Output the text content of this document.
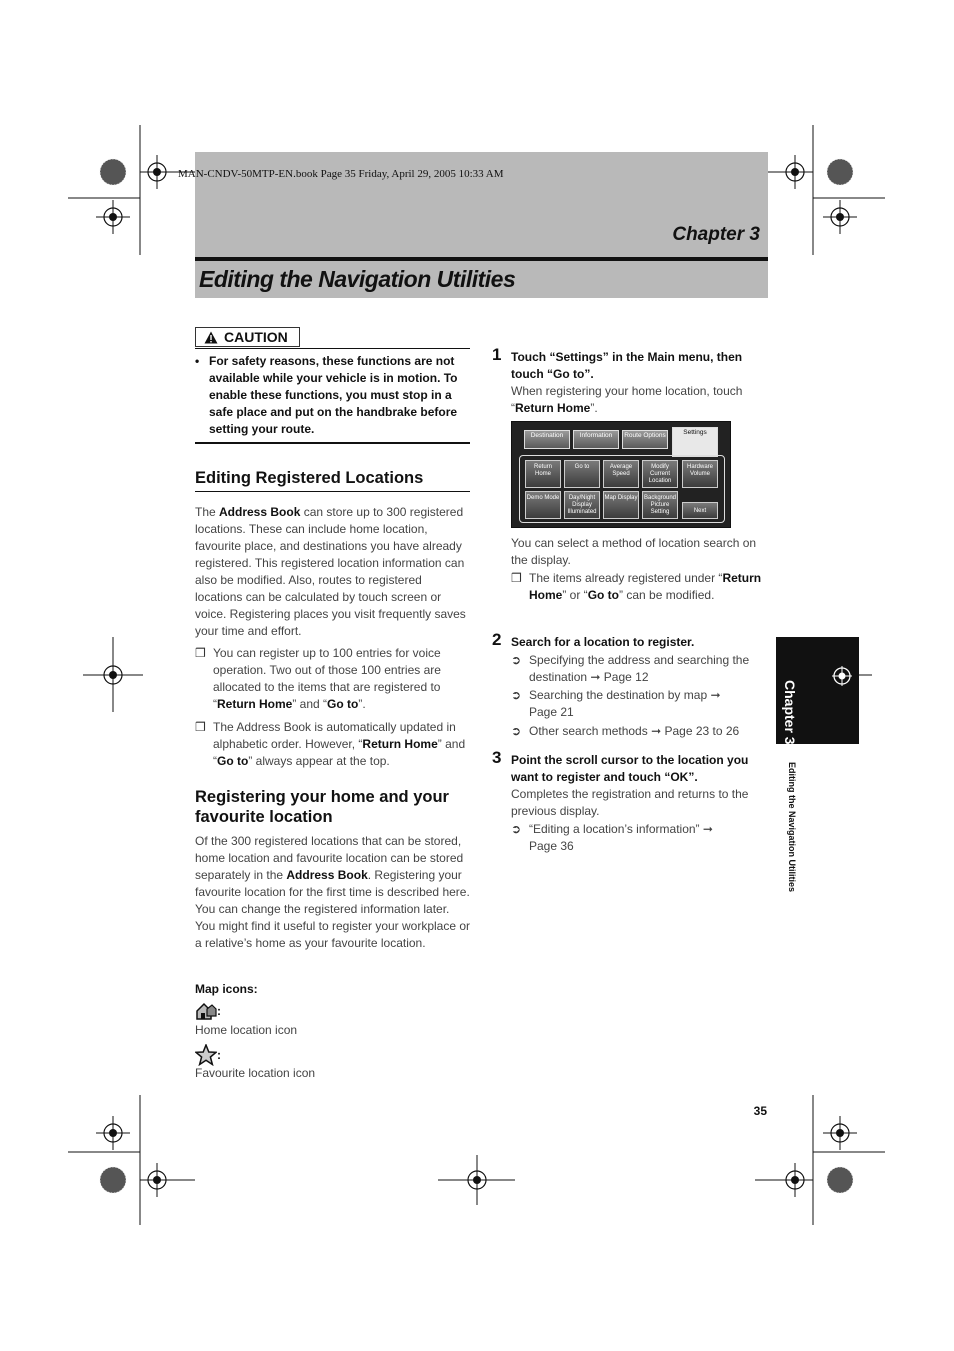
MAN-CNDV-50MTP-EN.book Page 35 Friday, April 29, 2005 10:33 AM
Chapter 3
Editing the Navigation Utilities
CAUTION
• For safety reasons, these functions are not available while your vehicle is in motion. To enable these functions, you must stop in a safe place and put on the handbrake before setting your route.
Editing Registered Locations
The Address Book can store up to 300 registered locations. These can include home location, favourite place, and destinations you have already registered. This registered location information can also be modified. Also, routes to registered locations can be calculated by touch screen or voice. Registering places you visit frequently saves your time and effort.
❒ You can register up to 100 entries for voice operation. Two out of those 100 entries are allocated to the items that are registered to “Return Home” and “Go to”.
❒ The Address Book is automatically updated in alphabetic order. However, “Return Home” and “Go to” always appear at the top.
Registering your home and your favourite location
Of the 300 registered locations that can be stored, home location and favourite location can be stored separately in the Address Book. Registering your favourite location for the first time is described here. You can change the registered information later. You might find it useful to register your workplace or a relative’s home as your favourite location.
Map icons:
:
Home location icon
:
Favourite location icon
1 Touch “Settings” in the Main menu, then touch “Go to”.
When registering your home location, touch “Return Home”.
Destination	Information	Route Options	Settings
Return Home
Go to	Average Speed
Modify Current Location
Hardware Volume
Demo Mode	Day/Night Display Illuminated
Map Display	Background Picture Setting	Next
You can select a method of location search on the display.
❒ The items already registered under “Return Home” or “Go to” can be modified.
2 Search for a location to register.
➲ Specifying the address and searching the destination ➞ Page 12
➲ Searching the destination by map ➞
Page 21
➲ Other search methods ➞ Page 23 to 26
3 Point the scroll cursor to the location you want to register and touch “OK”.
Completes the registration and returns to the previous display.
➲ “Editing a location’s information” ➞
Page 36
Chapter 3
Editing the Navigation Utilities
35
